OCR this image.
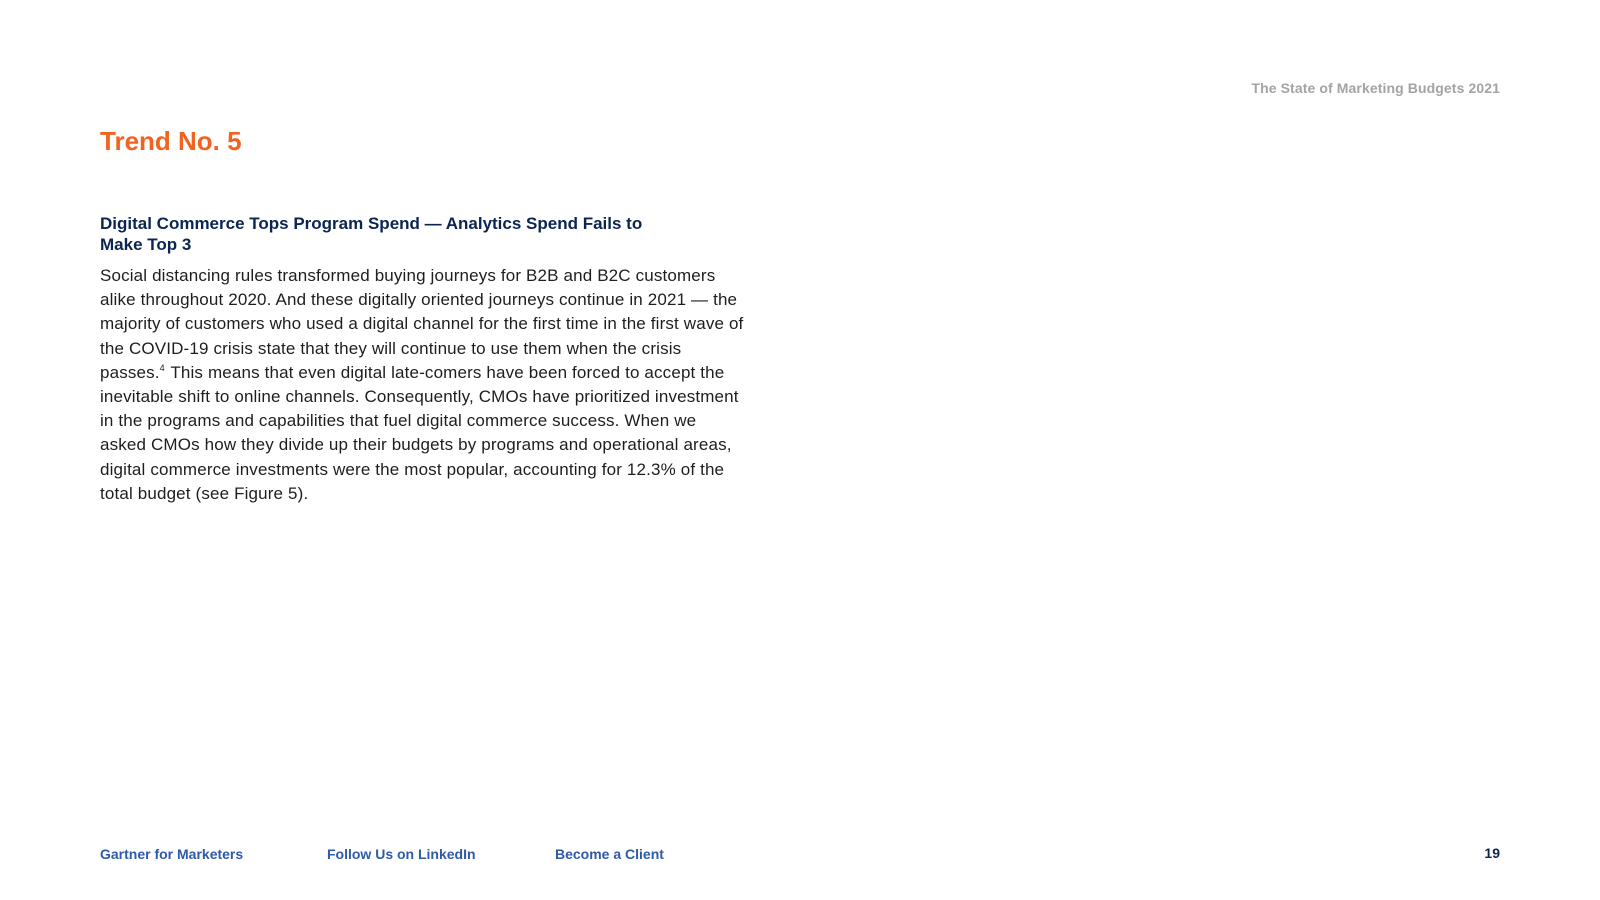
The State of Marketing Budgets 2021
Trend No. 5
Digital Commerce Tops Program Spend — Analytics Spend Fails to Make Top 3

Social distancing rules transformed buying journeys for B2B and B2C customers alike throughout 2020. And these digitally oriented journeys continue in 2021 — the majority of customers who used a digital channel for the first time in the first wave of the COVID-19 crisis state that they will continue to use them when the crisis passes.$^4$ This means that even digital late-comers have been forced to accept the inevitable shift to online channels. Consequently, CMOs have prioritized investment in the programs and capabilities that fuel digital commerce success. When we asked CMOs how they divide up their budgets by programs and operational areas, digital commerce investments were the most popular, accounting for 12.3% of the total budget (see Figure 5).

Gartner for Marketers	Follow Us on LinkedIn	Become a Client	19
